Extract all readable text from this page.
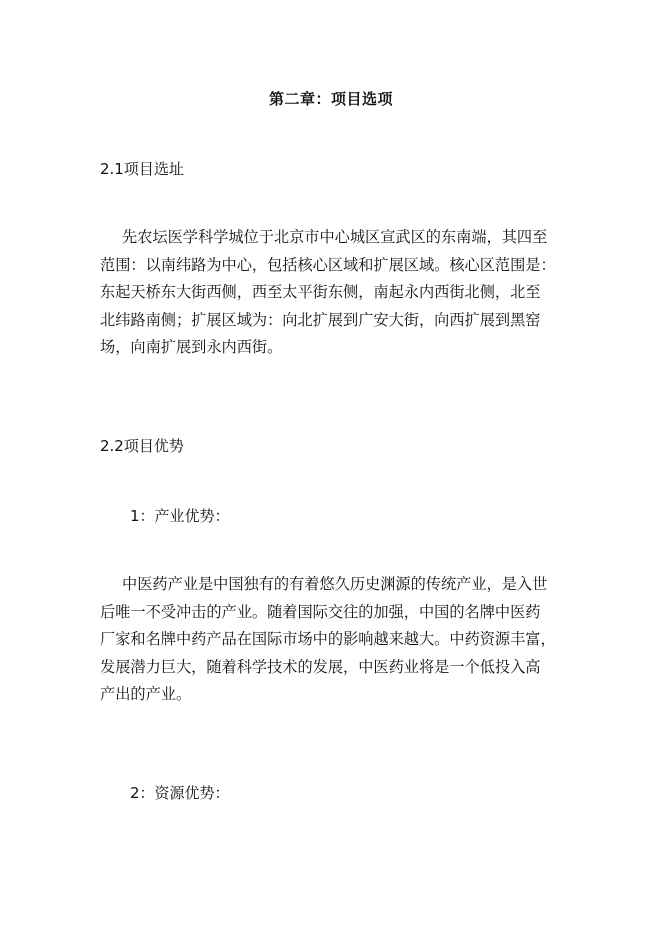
第二章：项目选项
2.1项目选址
先农坛医学科学城位于北京市中心城区宣武区的东南端，其四至
范围：以南纬路为中心，包括核心区域和扩展区域。核心区范围是：
东起天桥东大街西侧，西至太平街东侧，南起永内西街北侧，北至
北纬路南侧；扩展区域为：向北扩展到广安大街，向西扩展到黑窑
场，向南扩展到永内西街。
2.2项目优势
1：产业优势：
中医药产业是中国独有的有着悠久历史渊源的传统产业，是入世
后唯一不受冲击的产业。随着国际交往的加强，中国的名牌中医药
厂家和名牌中药产品在国际市场中的影响越来越大。中药资源丰富，
发展潜力巨大，随着科学技术的发展，中医药业将是一个低投入高
产出的产业。
2：资源优势：
